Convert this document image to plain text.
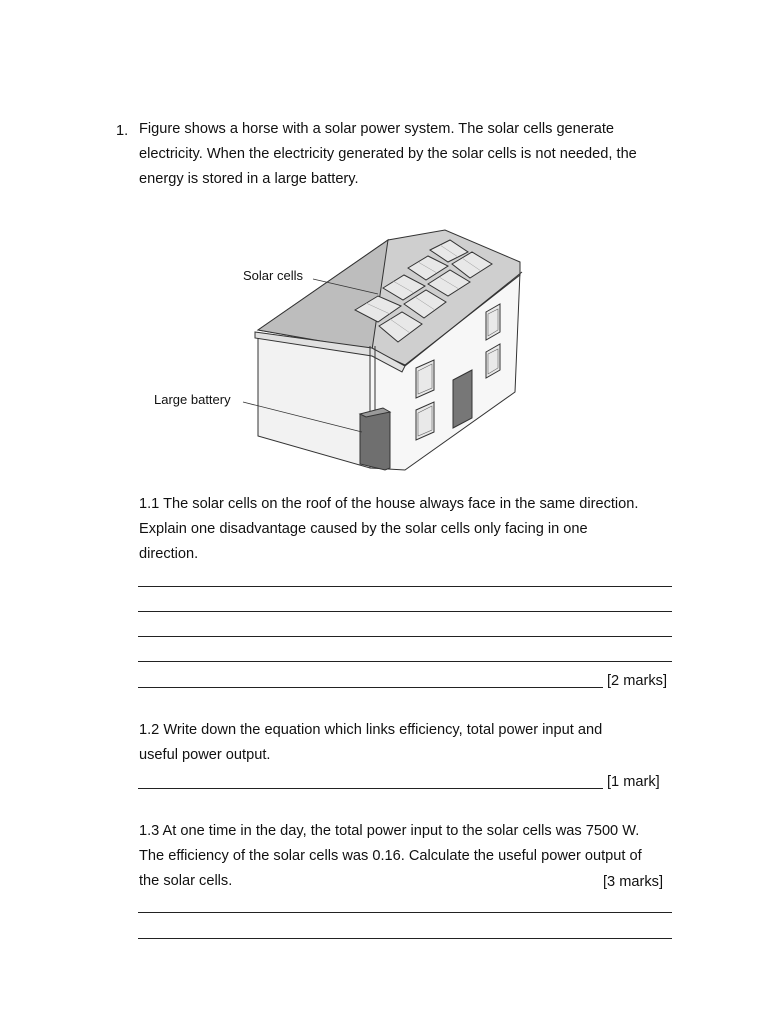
1. Figure shows a horse with a solar power system. The solar cells generate
electricity. When the electricity generated by the solar cells is not needed, the
energy is stored in a large battery.
Solar cells
Large battery
1.1 The solar cells on the roof of the house always face in the same direction.
Explain one disadvantage caused by the solar cells only facing in one
direction.
[2 marks]
1.2 Write down the equation which links efficiency, total power input and
useful power output.
[1 mark]
1.3 At one time in the day, the total power input to the solar cells was 7500 W.
The efficiency of the solar cells was 0.16. Calculate the useful power output of
the solar cells.	[3 marks]
